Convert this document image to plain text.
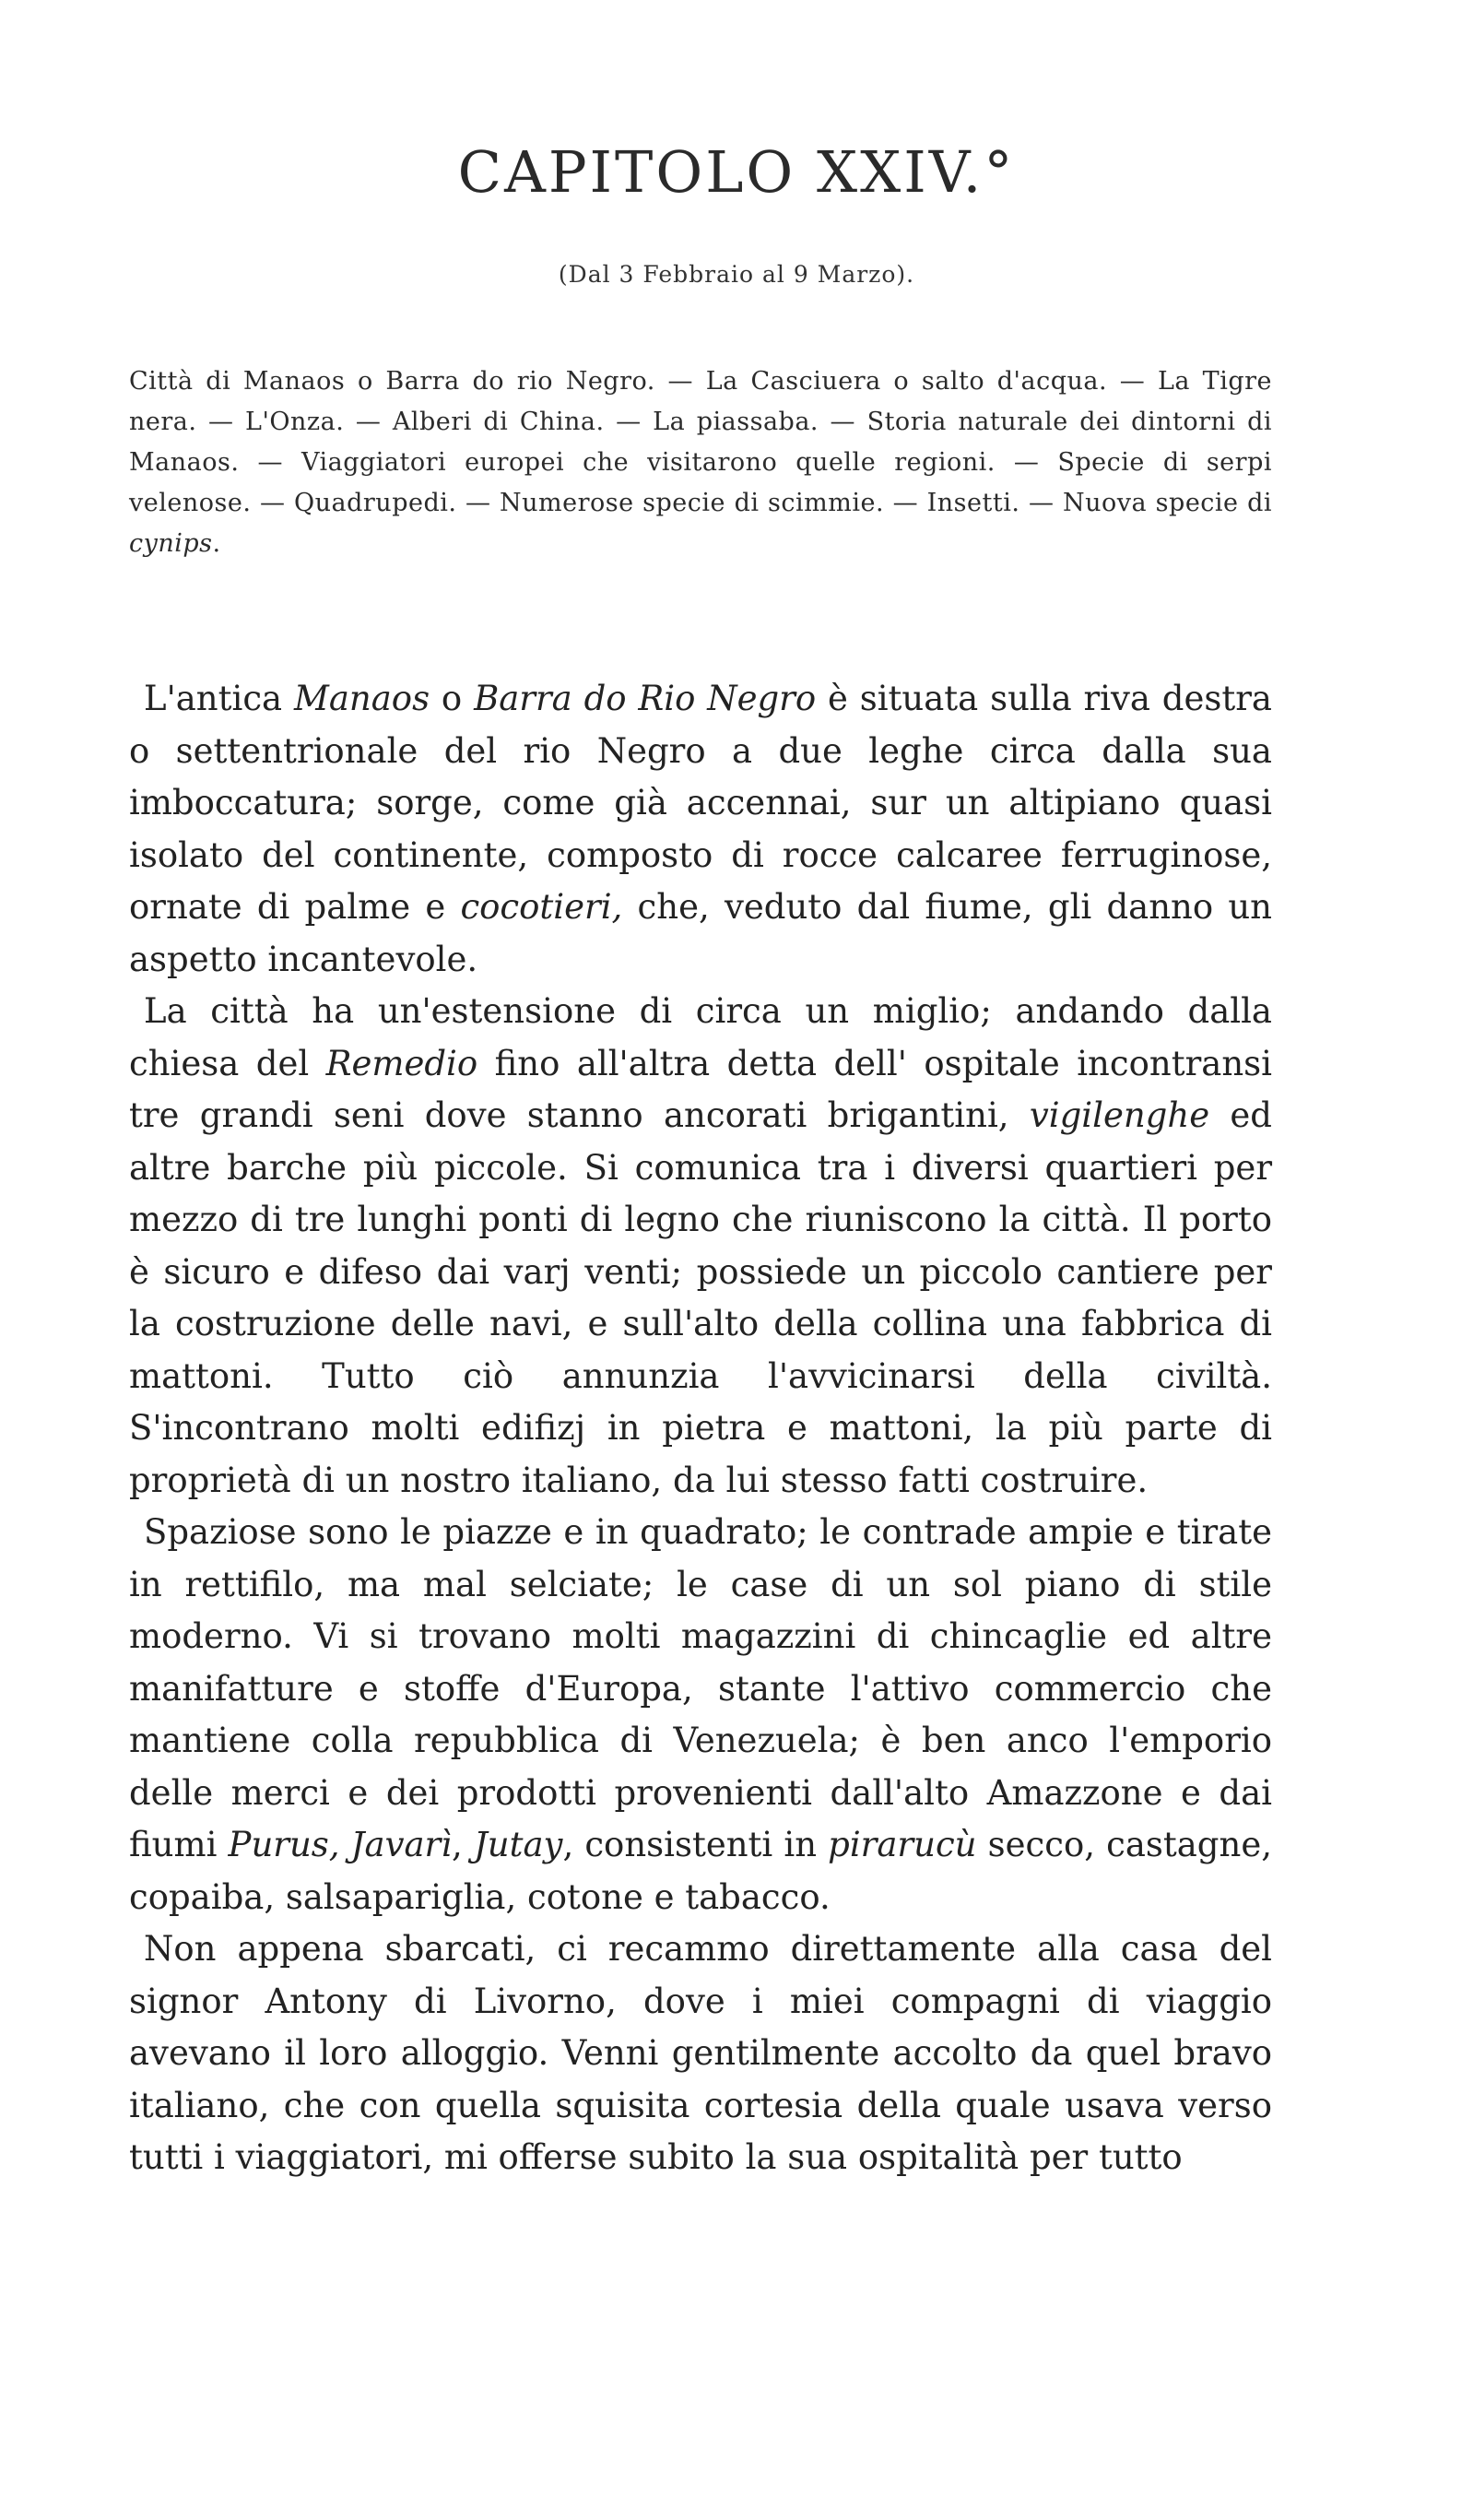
CAPITOLO XXIV.°
(Dal 3 Febbraio al 9 Marzo).
Città di Manaos o Barra do rio Negro. — La Casciuera o salto d'acqua. — La Tigre nera. — L'Onza. — Alberi di China. — La piassaba. — Storia naturale dei dintorni di Manaos. — Viaggiatori europei che visitarono quelle regioni. — Specie di serpi velenose. — Quadrupedi. — Numerose specie di scimmie. — Insetti. — Nuova specie di cynips.

L'antica Manaos o Barra do Rio Negro è situata sulla riva destra o settentrionale del rio Negro a due leghe circa dalla sua imboccatura; sorge, come già accennai, sur un altipiano quasi isolato del continente, composto di rocce calcaree ferruginose, ornate di palme e cocotieri, che, veduto dal fiume, gli danno un aspetto incantevole.

La città ha un'estensione di circa un miglio; andando dalla chiesa del Remedio fino all'altra detta dell' ospitale incontransi tre grandi seni dove stanno ancorati brigantini, vigilenghe ed altre barche più piccole. Si comunica tra i diversi quartieri per mezzo di tre lunghi ponti di legno che riuniscono la città. Il porto è sicuro e difeso dai varj venti; possiede un piccolo cantiere per la costruzione delle navi, e sull'alto della collina una fabbrica di mattoni. Tutto ciò annunzia l'avvicinarsi della civiltà. S'incontrano molti edifizj in pietra e mattoni, la più parte di proprietà di un nostro italiano, da lui stesso fatti costruire.

Spaziose sono le piazze e in quadrato; le contrade ampie e tirate in rettifilo, ma mal selciate; le case di un sol piano di stile moderno. Vi si trovano molti magazzini di chincaglie ed altre manifatture e stoffe d'Europa, stante l'attivo commercio che mantiene colla repubblica di Venezuela; è ben anco l'emporio delle merci e dei prodotti provenienti dall'alto Amazzone e dai fiumi Purus, Javarì, Jutay, consistenti in piraruсù secco, castagne, copaiba, salsapariglia, cotone e tabacco.

Non appena sbarcati, ci recammo direttamente alla casa del signor Antony di Livorno, dove i miei compagni di viaggio avevano il loro alloggio. Venni gentilmente accolto da quel bravo italiano, che con quella squisita cortesia della quale usava verso tutti i viaggiatori, mi offerse subito la sua ospitalità per tutto
